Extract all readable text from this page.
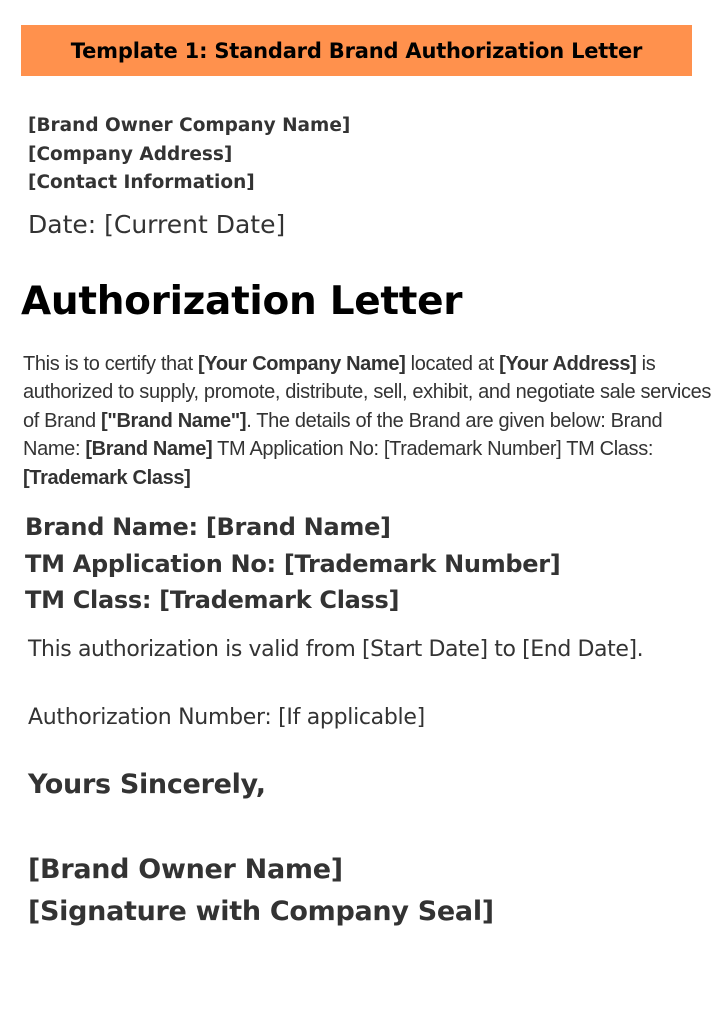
Template 1: Standard Brand Authorization Letter
[Brand Owner Company Name]
[Company Address]
[Contact Information]
Date: [Current Date]
Authorization Letter

This is to certify that [Your Company Name] located at [Your Address] is authorized to supply, promote, distribute, sell, exhibit, and negotiate sale services of Brand ["Brand Name"]. The details of the Brand are given below: Brand Name: [Brand Name] TM Application No: [Trademark Number] TM Class: [Trademark Class]

Brand Name: [Brand Name]
TM Application No: [Trademark Number]
TM Class: [Trademark Class]
This authorization is valid from [Start Date] to [End Date].
Authorization Number: [If applicable]
Yours Sincerely,
[Brand Owner Name]
[Signature with Company Seal]
